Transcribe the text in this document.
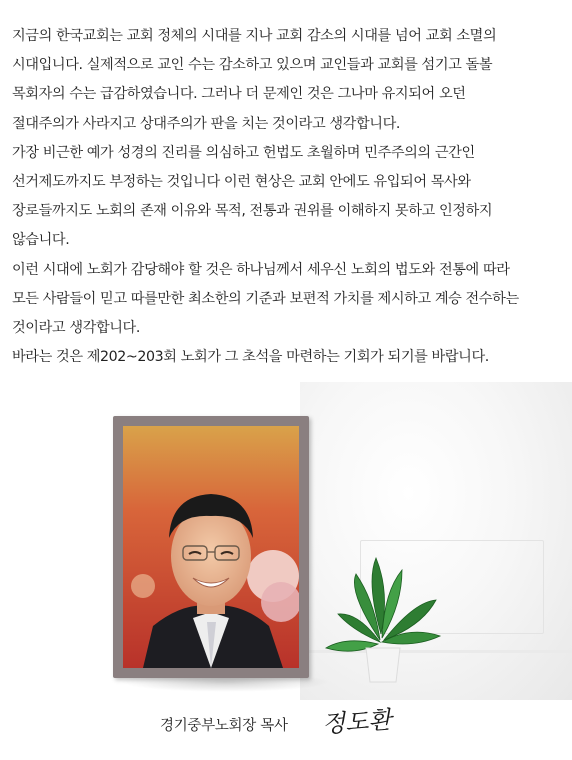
지금의 한국교회는 교회 정체의 시대를 지나 교회 감소의 시대를 넘어 교회 소멸의
시대입니다. 실제적으로 교인 수는 감소하고 있으며 교인들과 교회를 섬기고 돌볼
목회자의 수는 급감하였습니다. 그러나 더 문제인 것은 그나마 유지되어 오던
절대주의가 사라지고 상대주의가 판을 치는 것이라고 생각합니다.
가장 비근한 예가 성경의 진리를 의심하고 헌법도 초월하며 민주주의의 근간인
선거제도까지도 부정하는 것입니다 이런 현상은 교회 안에도 유입되어 목사와
장로들까지도 노회의 존재 이유와 목적, 전통과 권위를 이해하지 못하고 인정하지
않습니다.
이런 시대에 노회가 감당해야 할 것은 하나님께서 세우신 노회의 법도와 전통에 따라
모든 사람들이 믿고 따를만한 최소한의 기준과 보편적 가치를 제시하고 계승 전수하는
것이라고 생각합니다.
바라는 것은 제202~203회 노회가 그 초석을 마련하는 기회가 되기를 바랍니다.
경기중부노회장 목사 정도환
